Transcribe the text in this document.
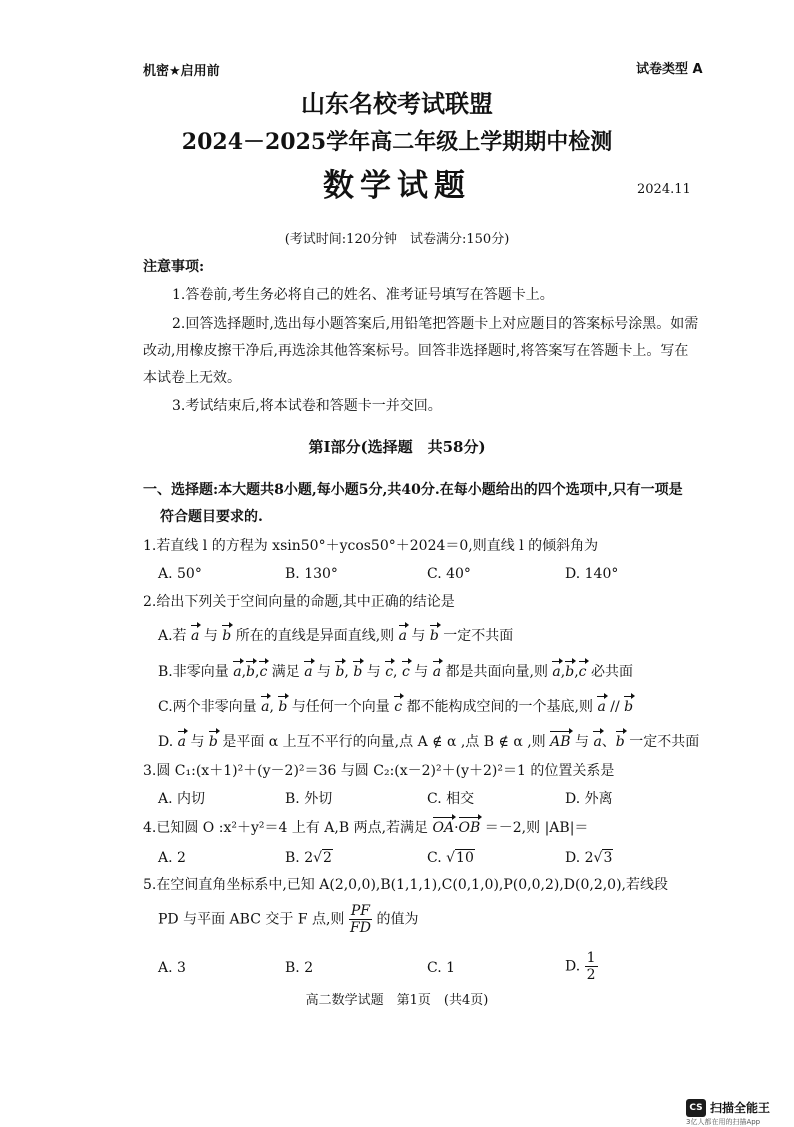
机密★启用前	试卷类型 A
山东名校考试联盟
2024－2025学年高二年级上学期期中检测
数学试题	2024.11
(考试时间:120分钟　试卷满分:150分)
注意事项:
1.答卷前,考生务必将自己的姓名、准考证号填写在答题卡上。
2.回答选择题时,选出每小题答案后,用铅笔把答题卡上对应题目的答案标号涂黑。如需
改动,用橡皮擦干净后,再选涂其他答案标号。回答非选择题时,将答案写在答题卡上。写在
本试卷上无效。
3.考试结束后,将本试卷和答题卡一并交回。
第Ⅰ部分(选择题　共58分)
一、选择题:本大题共8小题,每小题5分,共40分.在每小题给出的四个选项中,只有一项是
符合题目要求的.
1.若直线 l 的方程为 xsin50°＋ycos50°＋2024＝0,则直线 l 的倾斜角为
A. 50°	B. 130°	C. 40°	D. 140°
2.给出下列关于空间向量的命题,其中正确的结论是
A.若 a 与 b 所在的直线是异面直线,则 a 与 b 一定不共面
B.非零向量 a,b,c 满足 a 与 b, b 与 c, c 与 a 都是共面向量,则 a,b,c 必共面
C.两个非零向量 a, b 与任何一个向量 c 都不能构成空间的一个基底,则 a // b
D. a 与 b 是平面 α 上互不平行的向量,点 A ∉ α ,点 B ∉ α ,则 AB 与 a、b 一定不共面
3.圆 C₁:(x＋1)²＋(y－2)²＝36 与圆 C₂:(x－2)²＋(y＋2)²＝1 的位置关系是
A. 内切	B. 外切	C. 相交	D. 外离
4.已知圆 O :x²＋y²＝4 上有 A,B 两点,若满足 OA·OB ＝－2,则 |AB|＝
A. 2	B. 2√2	C. √10	D. 2√3
5.在空间直角坐标系中,已知 A(2,0,0),B(1,1,1),C(0,1,0),P(0,0,2),D(0,2,0),若线段
PD 与平面 ABC 交于 F 点,则 $\frac{PF}{FD}$ 的值为
A. 3	B. 2	C. 1	D. $\frac{1}{2}$
高二数学试题　第1页　(共4页)
CS 扫描全能王
3亿人都在用的扫描App
